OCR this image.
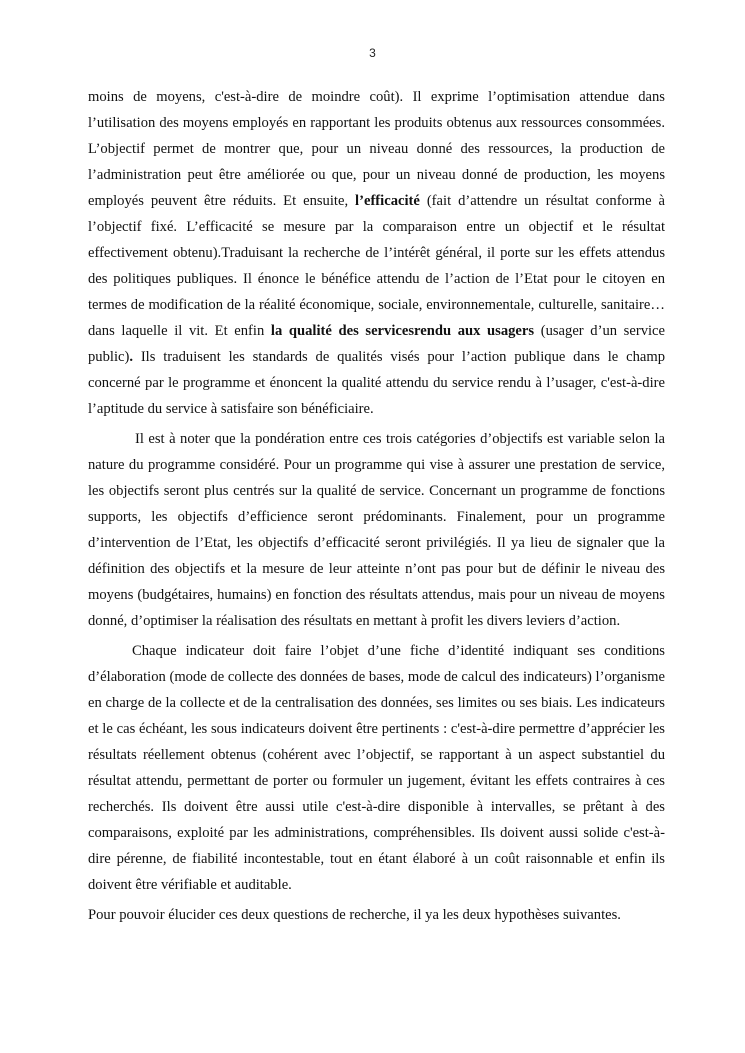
3

moins de moyens, c'est-à-dire de moindre coût). Il exprime l’optimisation attendue dans l’utilisation des moyens employés en rapportant les produits obtenus aux ressources consommées. L’objectif permet de montrer que, pour un niveau donné des ressources, la production de l’administration peut être améliorée ou que, pour un niveau donné de production, les moyens employés peuvent être réduits. Et ensuite, l’efficacité (fait d’attendre un résultat conforme à l’objectif fixé. L’efficacité se mesure par la comparaison entre un objectif et le résultat effectivement obtenu).Traduisant la recherche de l’intérêt général, il porte sur les effets attendus des politiques publiques. Il énonce le bénéfice attendu de l’action de l’Etat pour le citoyen en termes de modification de la réalité économique, sociale, environnementale, culturelle, sanitaire…dans laquelle il vit. Et enfin la qualité des servicesrendu aux usagers (usager d’un service public). Ils traduisent les standards de qualités visés pour l’action publique dans le champ concerné par le programme et énoncent la qualité attendu du service rendu à l’usager, c'est-à-dire l’aptitude du service à satisfaire son bénéficiaire.

Il est à noter que la pondération entre ces trois catégories d’objectifs est variable selon la nature du programme considéré. Pour un programme qui vise à assurer une prestation de service, les objectifs seront plus centrés sur la qualité de service. Concernant un programme de fonctions supports, les objectifs d’efficience seront prédominants. Finalement, pour un programme d’intervention de l’Etat, les objectifs d’efficacité seront privilégiés. Il ya lieu de signaler que la définition des objectifs et la mesure de leur atteinte n’ont pas pour but de définir le niveau des moyens (budgétaires, humains) en fonction des résultats attendus, mais pour un niveau de moyens donné, d’optimiser la réalisation des résultats en mettant à profit les divers leviers d’action.

Chaque indicateur doit faire l’objet d’une fiche d’identité indiquant ses conditions d’élaboration (mode de collecte des données de bases, mode de calcul des indicateurs) l’organisme en charge de la collecte et de la centralisation des données, ses limites ou ses biais. Les indicateurs et le cas échéant, les sous indicateurs doivent être pertinents : c'est-à-dire permettre d’apprécier les résultats réellement obtenus (cohérent avec l’objectif, se rapportant à un aspect substantiel du résultat attendu, permettant de porter ou formuler un jugement, évitant les effets contraires à ces recherchés. Ils doivent être aussi utile c'est-à-dire disponible à intervalles, se prêtant à des comparaisons, exploité par les administrations, compréhensibles. Ils doivent aussi solide c'est-à-dire pérenne, de fiabilité incontestable, tout en étant élaboré à un coût raisonnable et enfin ils doivent être vérifiable et auditable.

Pour pouvoir élucider ces deux questions de recherche, il ya les deux hypothèses suivantes.
